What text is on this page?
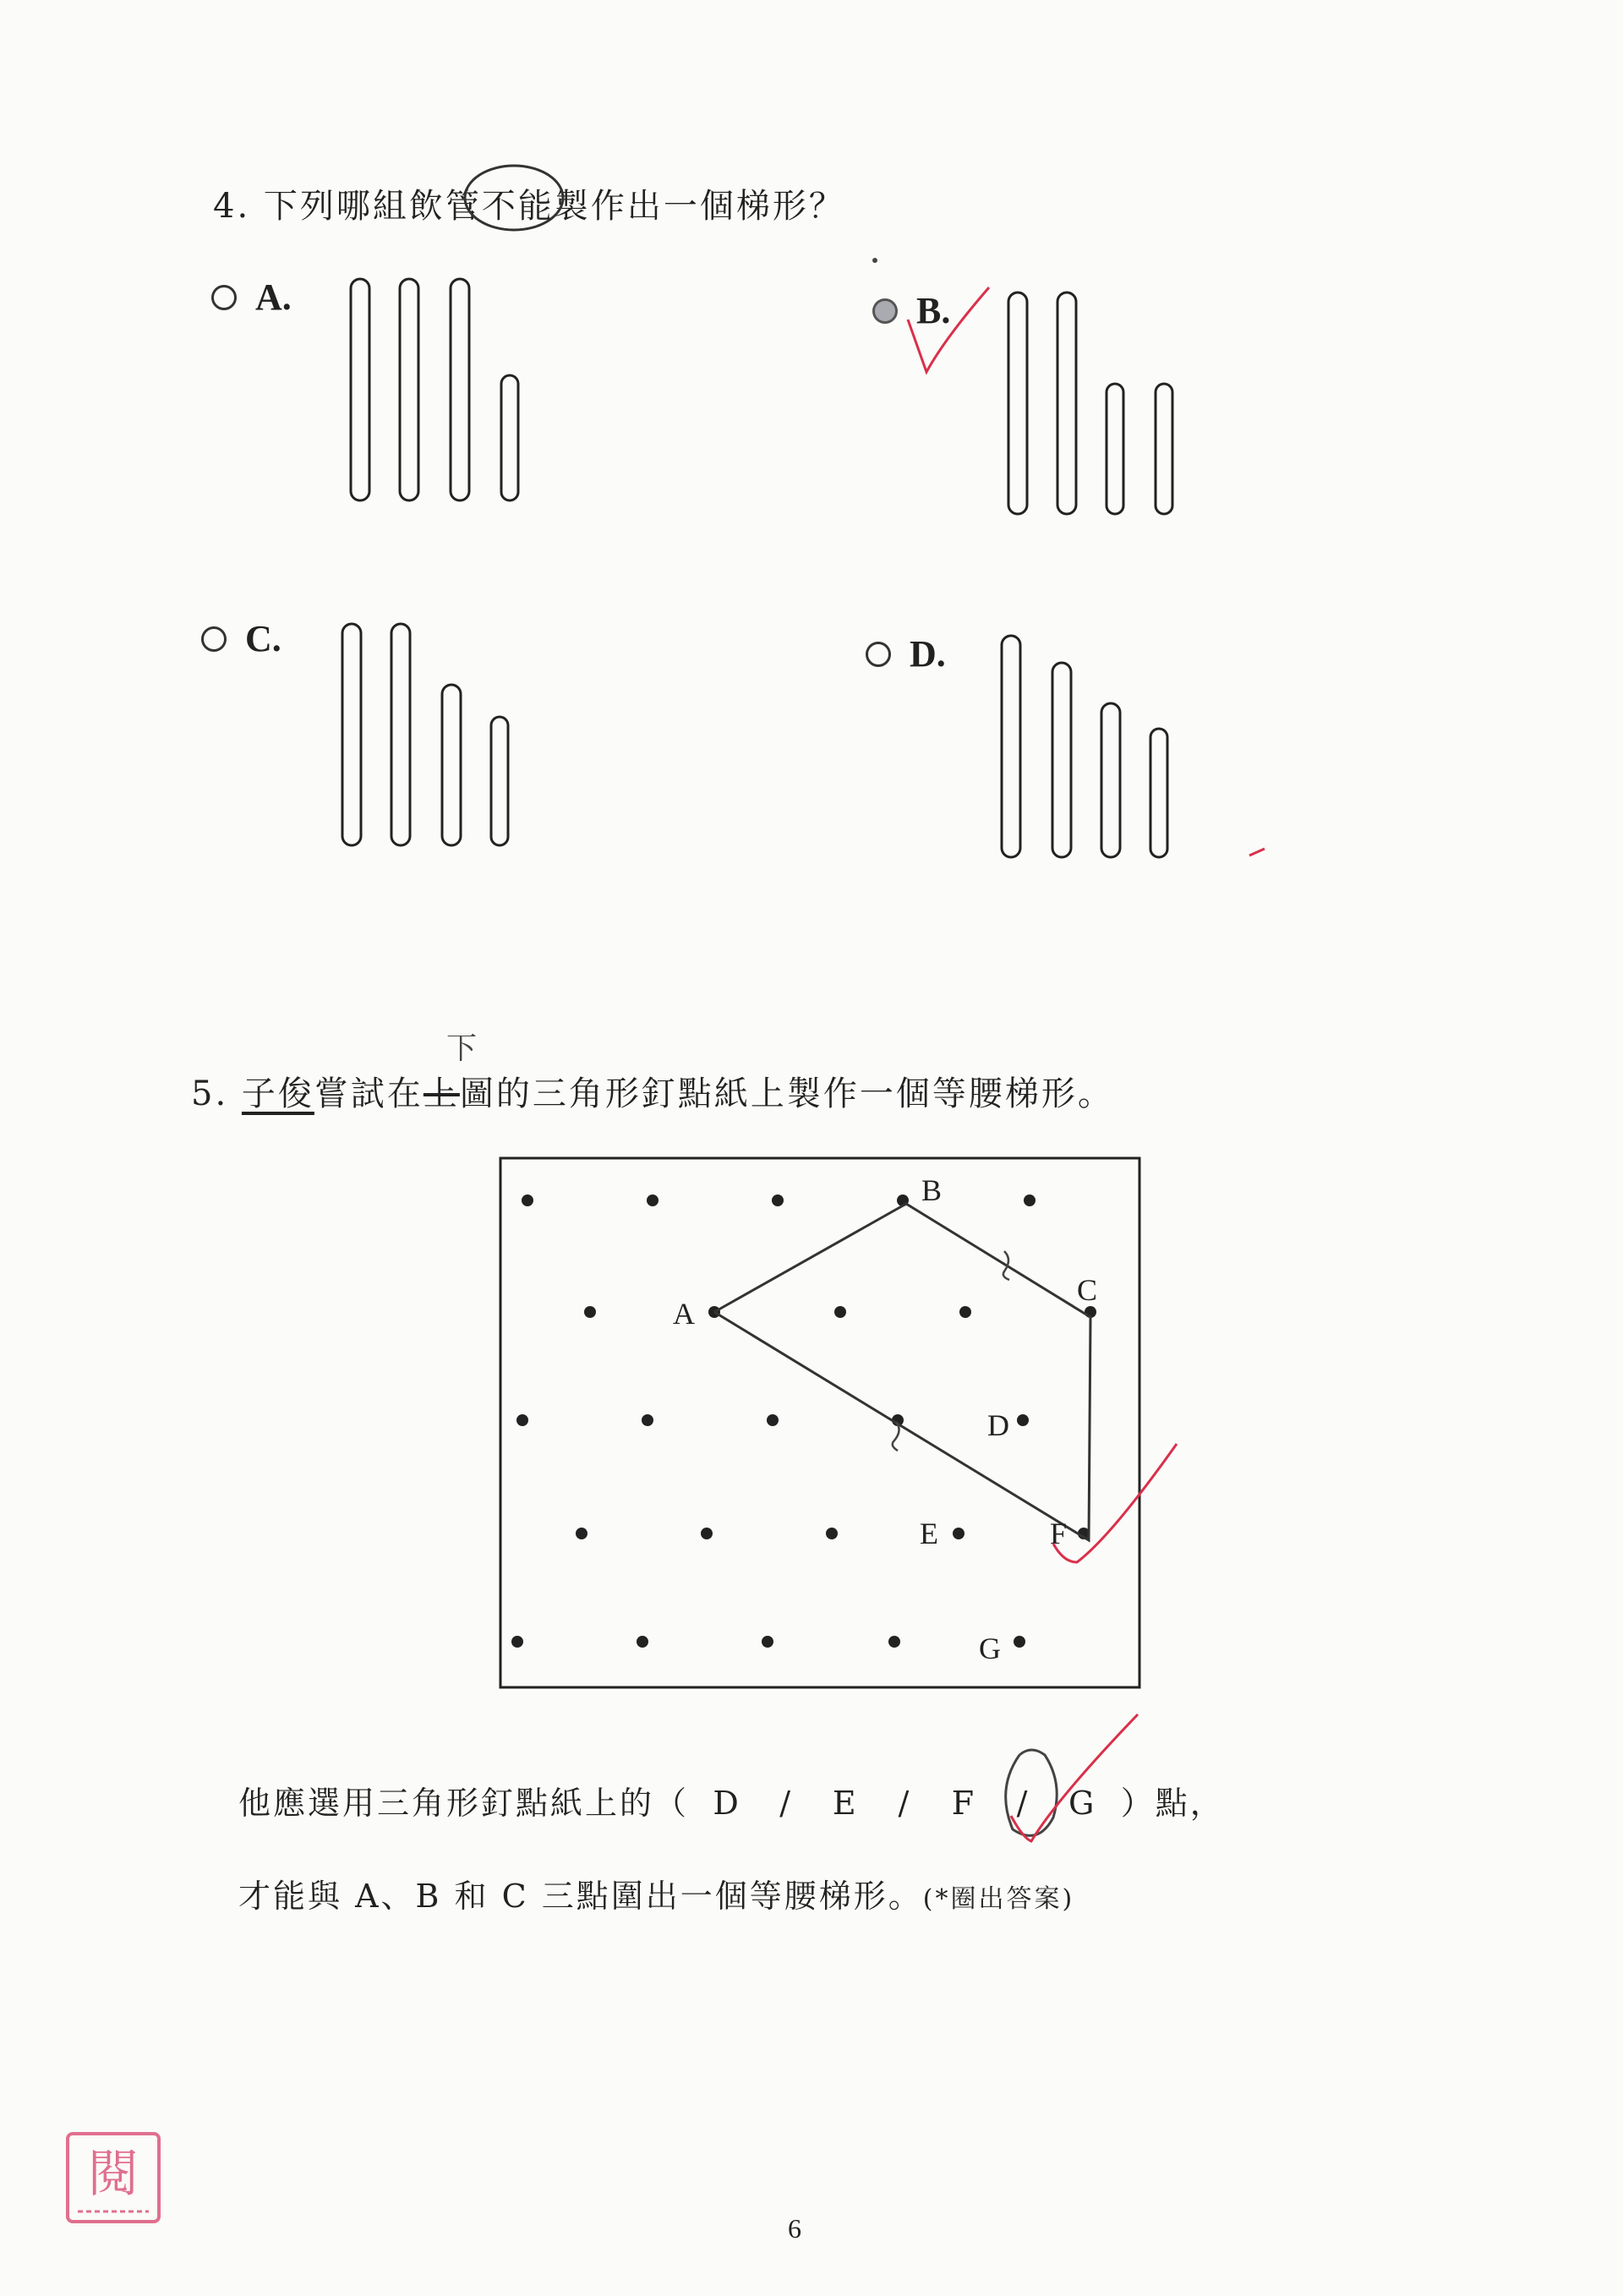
4. 下列哪組飲管不能製作出一個梯形？
A.	B.
C.	D.
5. 子俊嘗試在上圖的三角形釘點紙上製作一個等腰梯形。
下
A
B
C
D
E	F
G
他應選用三角形釘點紙上的（ D / E / F / G ）點，
才能與 A、B 和 C 三點圍出一個等腰梯形。(*圈出答案)
閱
6
